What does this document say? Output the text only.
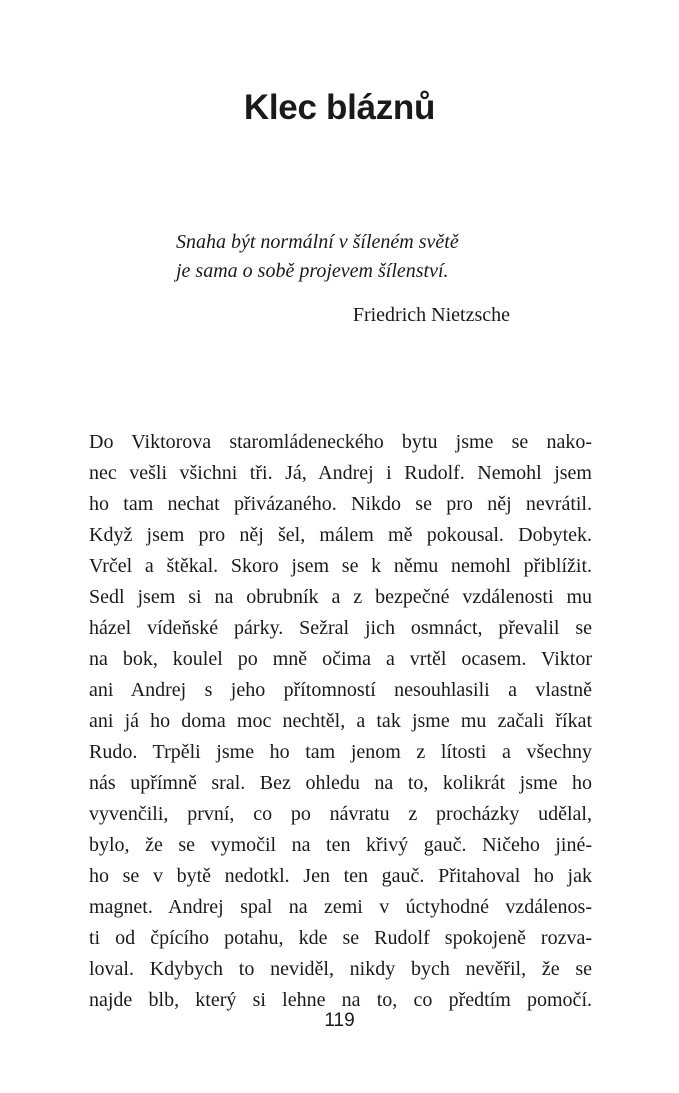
Klec bláznů
Snaha být normální v šíleném světě
je sama o sobě projevem šílenství.
Friedrich Nietzsche
Do Viktorova staromládeneckého bytu jsme se nako-
nec vešli všichni tři. Já, Andrej i Rudolf. Nemohl jsem
ho tam nechat přivázaného. Nikdo se pro něj nevrátil.
Když jsem pro něj šel, málem mě pokousal. Dobytek.
Vrčel a štěkal. Skoro jsem se k němu nemohl přiblížit.
Sedl jsem si na obrubník a z bezpečné vzdálenosti mu
házel vídeňské párky. Sežral jich osmnáct, převalil se
na bok, koulel po mně očima a vrtěl ocasem. Viktor
ani Andrej s jeho přítomností nesouhlasili a vlastně
ani já ho doma moc nechtěl, a tak jsme mu začali říkat
Rudo. Trpěli jsme ho tam jenom z lítosti a všechny
nás upřímně sral. Bez ohledu na to, kolikrát jsme ho
vyvenčili, první, co po návratu z procházky udělal,
bylo, že se vymočil na ten křivý gauč. Ničeho jiné-
ho se v bytě nedotkl. Jen ten gauč. Přitahoval ho jak
magnet. Andrej spal na zemi v úctyhodné vzdálenos-
ti od čpícího potahu, kde se Rudolf spokojeně rozva-
loval. Kdybych to neviděl, nikdy bych nevěřil, že se
najde blb, který si lehne na to, co předtím pomočí.
119
